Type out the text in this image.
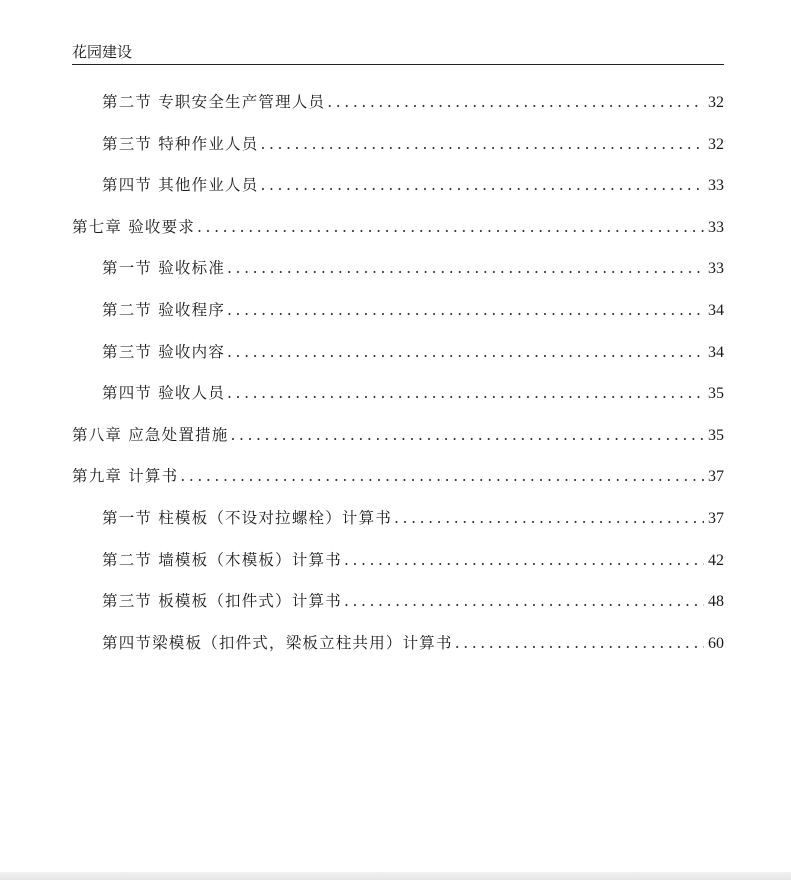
花园建设
第二节 专职安全生产管理人员 .....	32
第三节 特种作业人员 .....	32
第四节 其他作业人员 .....	33
第七章 验收要求 .....	33
第一节 验收标准 .....	33
第二节 验收程序 .....	34
第三节 验收内容 .....	34
第四节 验收人员 .....	35
第八章 应急处置措施 .....	35
第九章 计算书 .....	37
第一节 柱模板（不设对拉螺栓）计算书 .....	37
第二节 墙模板（木模板）计算书 .....	42
第三节 板模板（扣件式）计算书 .....	48
第四节梁模板（扣件式，梁板立柱共用）计算书 .....	60
